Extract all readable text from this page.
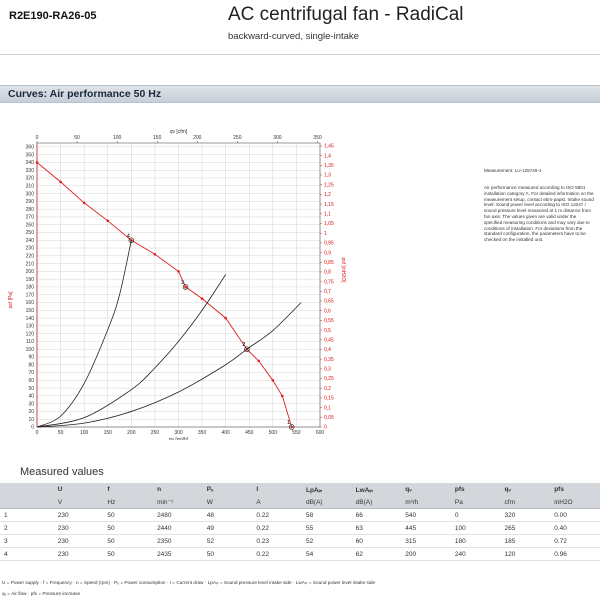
R2E190-RA26-05	AC centrifugal fan - RadiCal
backward-curved, single-intake
Curves: Air performance 50 Hz
0
10
20
30
40
50
60
70
80
90
100
110
120
130
140
150
160
170
180
190
200
210
220
230
240
250
260
270
280
290
300
310
320
330
340
350
360
0	50	100	150	200	250	300	350	400	450	500	550	600
0	50	100	150	200	250	300	350
0
0,05
0,1
0,15
0,2
0,25
0,3
0,35
0,4
0,45
0,5
0,55
0,6
0,65
0,7
0,75
0,8
0,85
0,9
0,95
1
1,05
1,1
1,15
1,2
1,25
1,3
1,35
1,4
1,45
qv [cfm]
qv [m³/h]
psf [Pa]
psf [inH2O]
1
2
3
4
Measurement: LU-125749-1
Air performance measured according to ISO 5801 installation category A. For detailed information on the measurement setup, contact ebm-papst. Intake sound level: Sound power level according to ISO 13347 / sound pressure level measured at 1 m distance from fan axis. The values given are valid under the specified measuring conditions and may vary due to conditions of installation. For deviations from the standard configuration, the parameters have to be checked on the installed unit.
Measured values
	U	f	n	Pₑ	I	LpAᵢₙ	LwAᵢₙ	qᵥ	pfs	qᵥ	pfs
	V	Hz	min⁻¹	W	A	dB(A)	dB(A)	m³/h	Pa	cfm	inH2O
1	230	50	2480	48	0.22	58	66	540	0	320	0.00
2	230	50	2440	49	0.22	55	63	445	100	265	0.40
3	230	50	2350	52	0.23	52	60	315	180	185	0.72
4	230	50	2435	50	0.22	54	62	200	240	120	0.96
U = Power supply · f = Frequency · n = Speed (rpm) · Pₑ = Power consumption · I = Current draw · LpAᵢₙ = Sound pressure level intake side · LwAᵢₙ = Sound power level intake side
qᵥ = Air flow · pfs = Pressure increase
